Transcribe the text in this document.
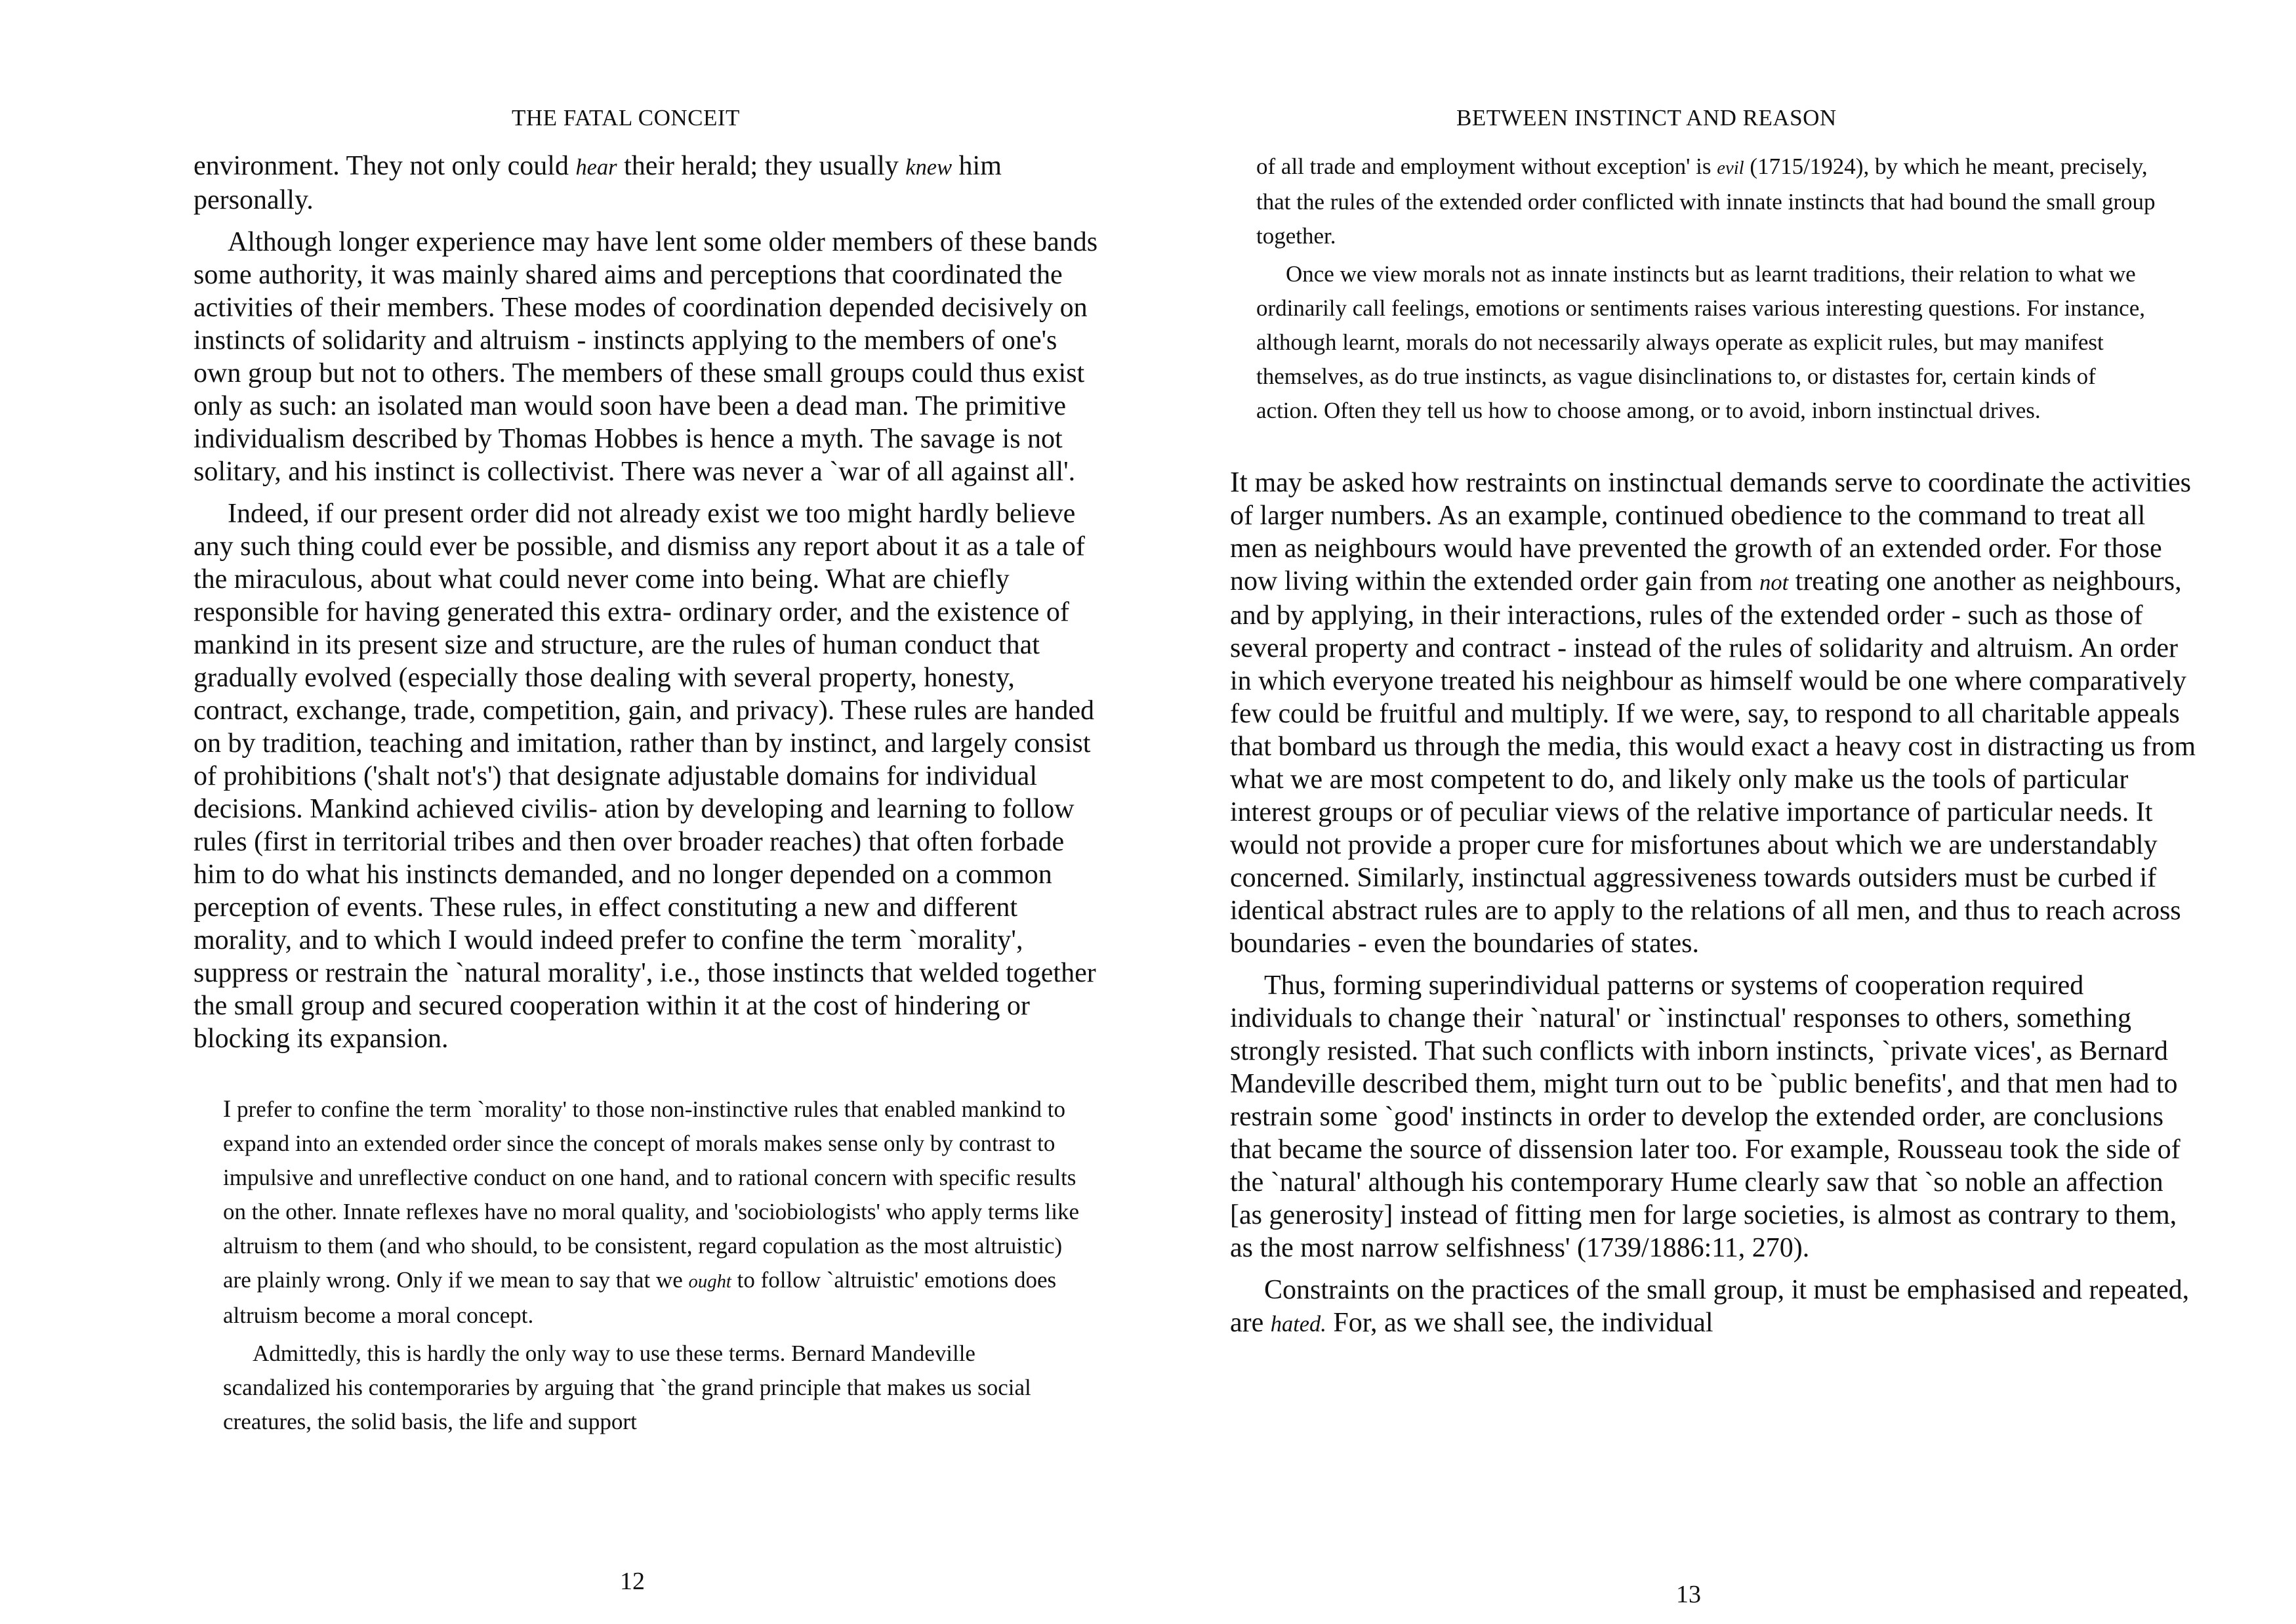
THE FATAL CONCEIT

environment. They not only could hear their herald; they usually knew him personally.

Although longer experience may have lent some older members of these bands some authority, it was mainly shared aims and perceptions that coordinated the activities of their members. These modes of coordination depended decisively on instincts of solidarity and altruism - instincts applying to the members of one's own group but not to others. The members of these small groups could thus exist only as such: an isolated man would soon have been a dead man. The primitive individualism described by Thomas Hobbes is hence a myth. The savage is not solitary, and his instinct is collectivist. There was never a `war of all against all'.

Indeed, if our present order did not already exist we too might hardly believe any such thing could ever be possible, and dismiss any report about it as a tale of the miraculous, about what could never come into being. What are chiefly responsible for having generated this extra- ordinary order, and the existence of mankind in its present size and structure, are the rules of human conduct that gradually evolved (especially those dealing with several property, honesty, contract, exchange, trade, competition, gain, and privacy). These rules are handed on by tradition, teaching and imitation, rather than by instinct, and largely consist of prohibitions ('shalt not's') that designate adjustable domains for individual decisions. Mankind achieved civilis- ation by developing and learning to follow rules (first in territorial tribes and then over broader reaches) that often forbade him to do what his instincts demanded, and no longer depended on a common perception of events. These rules, in effect constituting a new and different morality, and to which I would indeed prefer to confine the term `morality', suppress or restrain the `natural morality', i.e., those instincts that welded together the small group and secured cooperation within it at the cost of hindering or blocking its expansion.

I prefer to confine the term `morality' to those non-instinctive rules that enabled mankind to expand into an extended order since the concept of morals makes sense only by contrast to impulsive and unreflective conduct on one hand, and to rational concern with specific results on the other. Innate reflexes have no moral quality, and 'sociobiologists' who apply terms like altruism to them (and who should, to be consistent, regard copulation as the most altruistic) are plainly wrong. Only if we mean to say that we ought to follow `altruistic' emotions does altruism become a moral concept.

Admittedly, this is hardly the only way to use these terms. Bernard Mandeville scandalized his contemporaries by arguing that `the grand principle that makes us social creatures, the solid basis, the life and support

12

BETWEEN INSTINCT AND REASON

of all trade and employment without exception' is evil (1715/1924), by which he meant, precisely, that the rules of the extended order conflicted with innate instincts that had bound the small group together.

Once we view morals not as innate instincts but as learnt traditions, their relation to what we ordinarily call feelings, emotions or sentiments raises various interesting questions. For instance, although learnt, morals do not necessarily always operate as explicit rules, but may manifest themselves, as do true instincts, as vague disinclinations to, or distastes for, certain kinds of action. Often they tell us how to choose among, or to avoid, inborn instinctual drives.

It may be asked how restraints on instinctual demands serve to coordinate the activities of larger numbers. As an example, continued obedience to the command to treat all men as neighbours would have prevented the growth of an extended order. For those now living within the extended order gain from not treating one another as neighbours, and by applying, in their interactions, rules of the extended order - such as those of several property and contract - instead of the rules of solidarity and altruism. An order in which everyone treated his neighbour as himself would be one where comparatively few could be fruitful and multiply. If we were, say, to respond to all charitable appeals that bombard us through the media, this would exact a heavy cost in distracting us from what we are most competent to do, and likely only make us the tools of particular interest groups or of peculiar views of the relative importance of particular needs. It would not provide a proper cure for misfortunes about which we are understandably concerned. Similarly, instinctual aggressiveness towards outsiders must be curbed if identical abstract rules are to apply to the relations of all men, and thus to reach across boundaries - even the boundaries of states.

Thus, forming superindividual patterns or systems of cooperation required individuals to change their `natural' or `instinctual' responses to others, something strongly resisted. That such conflicts with inborn instincts, `private vices', as Bernard Mandeville described them, might turn out to be `public benefits', and that men had to restrain some `good' instincts in order to develop the extended order, are conclusions that became the source of dissension later too. For example, Rousseau took the side of the `natural' although his contemporary Hume clearly saw that `so noble an affection [as generosity] instead of fitting men for large societies, is almost as contrary to them, as the most narrow selfishness' (1739/1886:11, 270).

Constraints on the practices of the small group, it must be emphasised and repeated, are hated. For, as we shall see, the individual

13
